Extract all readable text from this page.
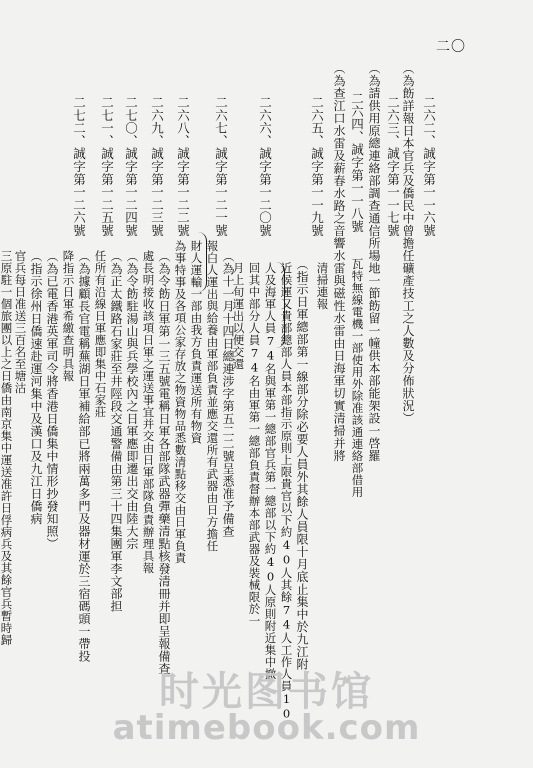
二〇
二六二、誠字第一一六號
（為飭詳報日本官兵及僑民中曾擔任礦產技工之人數及分佈狀況）
二六三、誠字第一一七號
（為請供用原總連絡部調查通信所場地一節飭留一幢供本部能架設一啓羅
瓦特無線電機一部使用外除准該通連絡部借用
二六四、誠字第一一八號
（為查江口水雷及薪春水路之音響水雷與磁性水雷由日海軍切實清掃并將
清掃連報
二六五、誠字第一一九號
（指示日軍總部第一線部分除必要人員外其餘人員限十月底止集中於九江附
近候運又貴部總部人員本部指示原則上限貴官以下約40人其餘74人工作人員10
人及海軍人員74名與軍第一總部官兵第一總部以下約40人原則附近集中撤
回其中部分人員74名由軍第一總部負責督辦本部武器及裝械限於一
月上旬運出以便交還
二六六、誠字第一二〇號
（為十一月十四日總連涉字第五二二號呈悉准予備查
報白人運出與給養由軍部負責並應交還所有武器由日方擔任
財人運輸一部由我方負責運送所有物資
為事特事及各項公家存放之物資物品悉數清點移交由日軍負責
二六七、誠字第一二一號
二六八、誠字第一二二號
二六九、誠字第一二三號
（為令飭日軍第一三五號電稱日軍各部隊武器彈藥清點核發清冊并即呈報備查
處長明接收該項日軍之運送事宜并交由日軍部隊負責辦理具報
（為令飭駐湯山與兵學校內之日軍應即遷出交由陸大宗
（為正太鐵路石家莊至井陘段交通警備由第三十四集團軍李文部担
任所有沿線日軍應即集中石家莊
二七〇、誠字第一二四號
（為據顧長官電稱蕪湖日軍補給部已將兩萬多門及器材運於三宿碼頭一帶投
降指示日軍希繳查明具報
二七一、誠字第一二五號
（為已電香港英軍司令將香港日僑集中情形抄發知照）
二七二、誠字第一二六號
（指示徐州日僑速赴運河集中及漢口及九江日僑病
官兵每日准送三百名至塘沽
三原駐一個旅團以上之日僑由南京集中運送准許日俘病兵及其餘官兵暫時歸
时光图书馆
atimebook.com
